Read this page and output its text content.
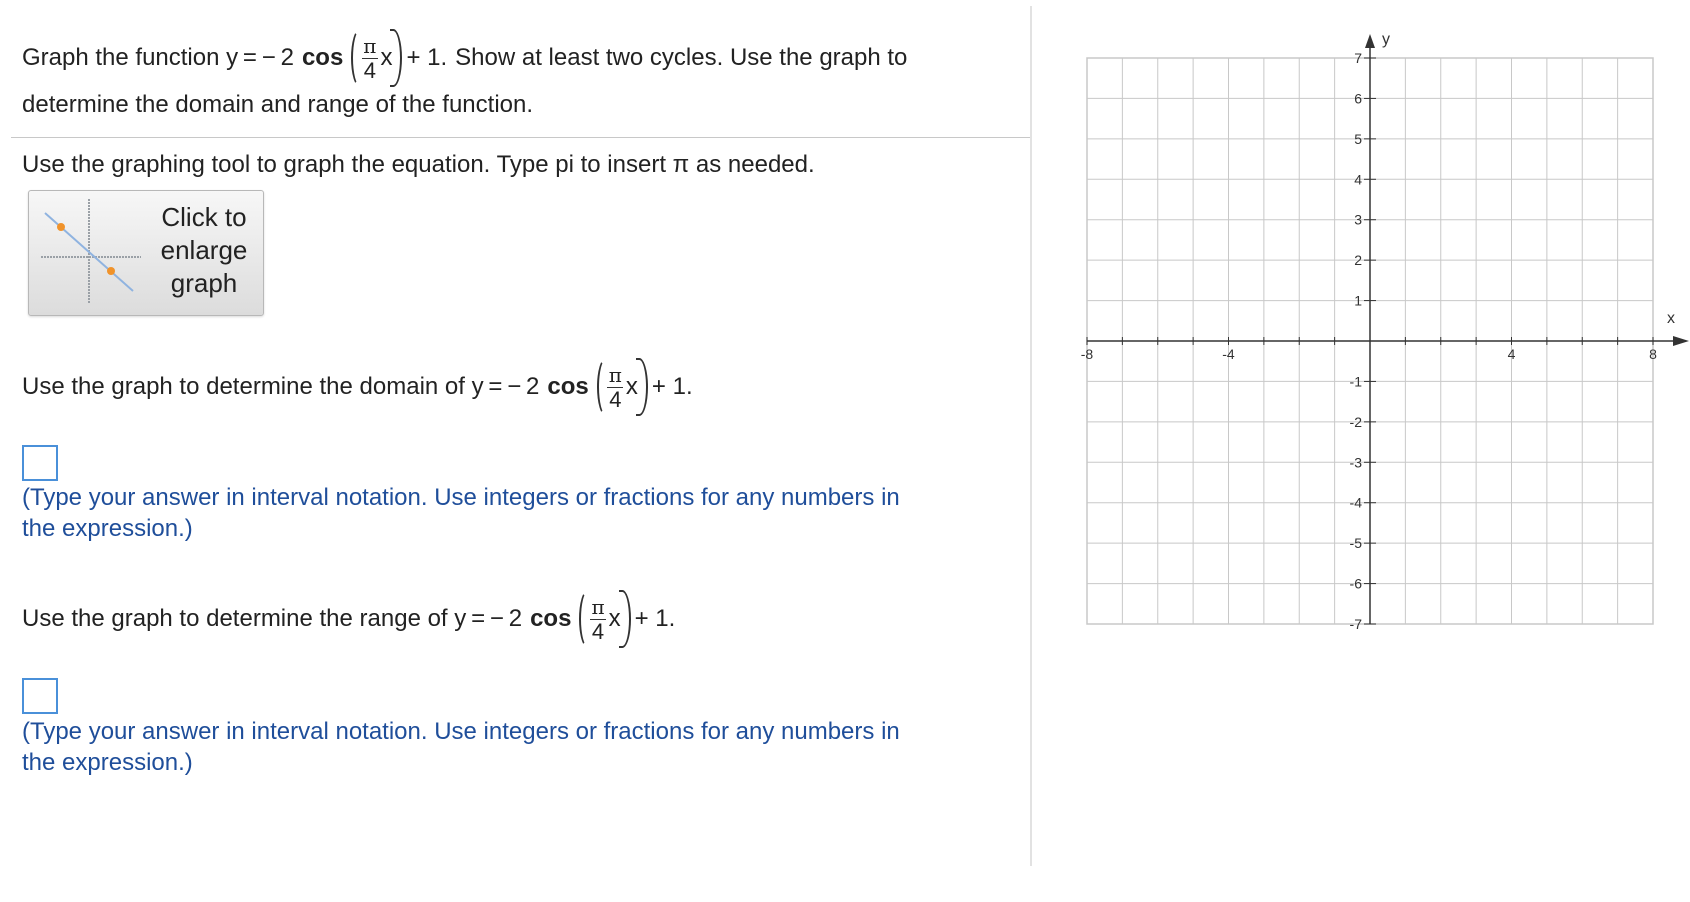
Graph the function y =  − 2 $\cos \frac{\pi}{4}$ x + 1. Show at least two cycles. Use the graph to
determine the domain and range of the function.
Use the graphing tool to graph the equation. Type pi to insert π as needed.
Click to
enlarge
graph
Use the graph to determine the domain of y =  − 2 $\cos \frac{\pi}{4}$ x + 1.
(Type your answer in interval notation. Use integers or fractions for any numbers in
the expression.)
Use the graph to determine the range of y =  − 2 $\cos \frac{\pi}{4}$ x + 1.
(Type your answer in interval notation. Use integers or fractions for any numbers in
the expression.)
-8	-4	4	8
7
6
5
4
3
2
1
-1
-2
-3
-4
-5
-6
-7
x
y
